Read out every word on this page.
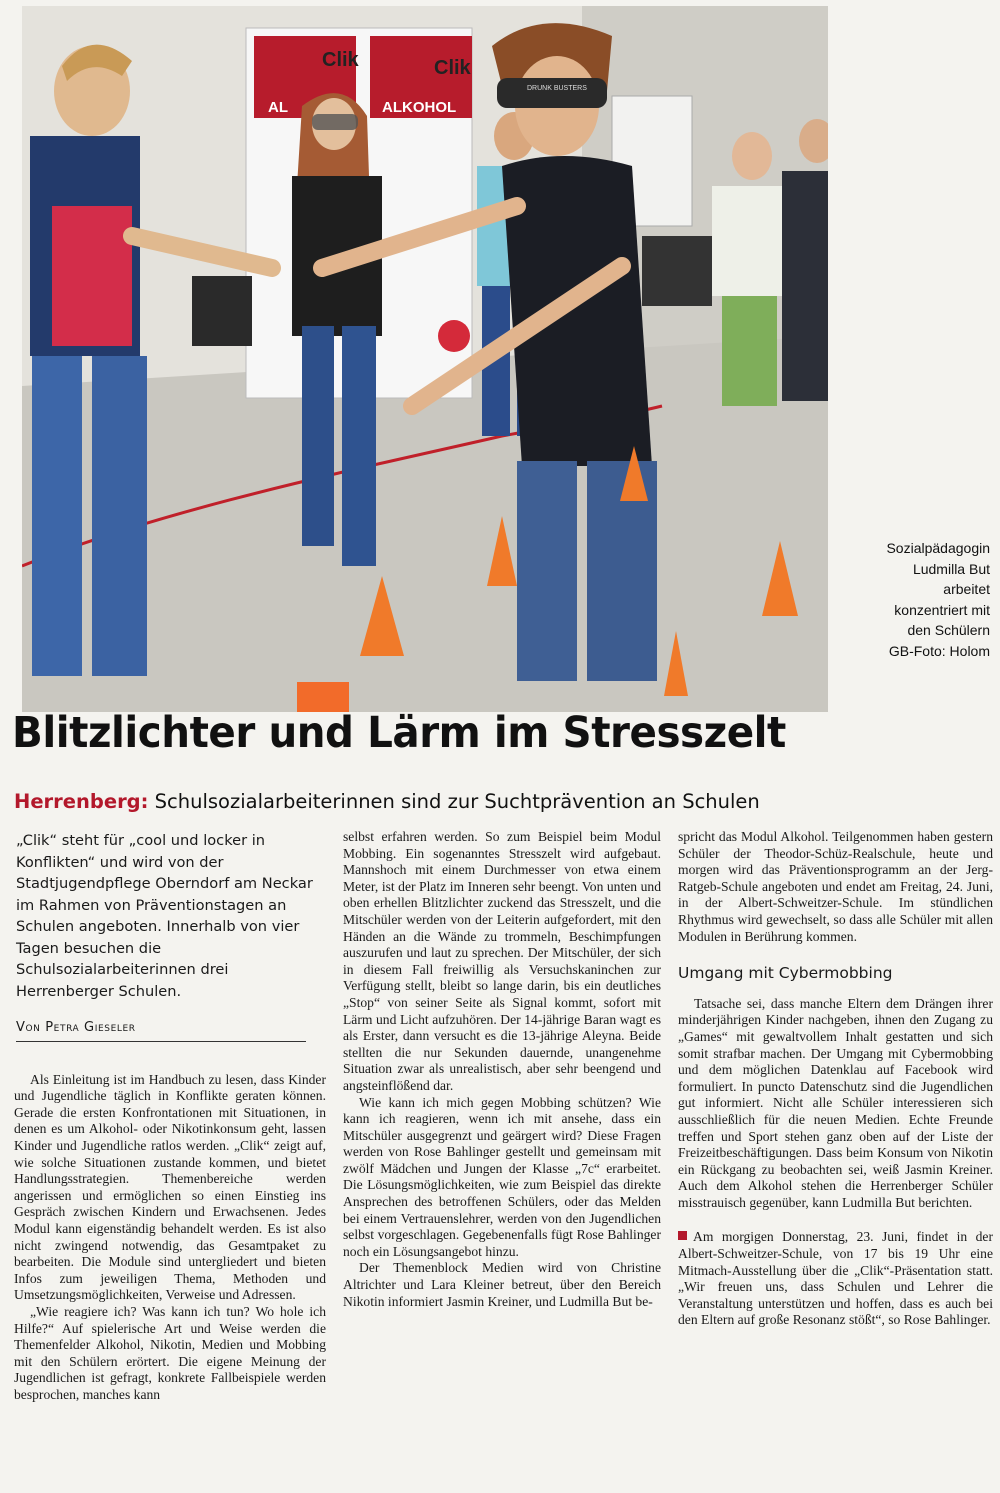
Clik	Clik
AL	ALKOHOL
DRUNK BUSTERS
Sozialpädagogin
Ludmilla But
arbeitet
konzentriert mit
den Schülern
GB-Foto: Holom
Blitzlichter und Lärm im Stresszelt
Herrenberg: Schulsozialarbeiterinnen sind zur Suchtprävention an Schulen

„Clik“ steht für „cool und locker in Konflikten“ und wird von der Stadtjugendpflege Oberndorf am Neckar im Rahmen von Präventionstagen an Schulen angeboten. Innerhalb von vier Tagen besuchen die Schulsozialarbeiterinnen drei Herrenberger Schulen.

Von Petra Gieseler

Als Einleitung ist im Handbuch zu lesen, dass Kinder und Jugendliche täglich in Konflikte geraten können. Gerade die ersten Konfrontationen mit Situationen, in denen es um Alkohol- oder Nikotinkonsum geht, lassen Kinder und Jugendliche ratlos werden. „Clik“ zeigt auf, wie solche Situationen zustande kommen, und bietet Handlungsstrategien. Themenbereiche werden angerissen und ermöglichen so einen Einstieg ins Gespräch zwischen Kindern und Erwachsenen. Jedes Modul kann eigenständig behandelt werden. Es ist also nicht zwingend notwendig, das Gesamtpaket zu bearbeiten. Die Module sind untergliedert und bieten Infos zum jeweiligen Thema, Methoden und Umsetzungsmöglichkeiten, Verweise und Adressen.

„Wie reagiere ich? Was kann ich tun? Wo hole ich Hilfe?“ Auf spielerische Art und Weise werden die Themenfelder Alkohol, Nikotin, Medien und Mobbing mit den Schülern erörtert. Die eigene Meinung der Jugendlichen ist gefragt, konkrete Fallbeispiele werden besprochen, manches kann

selbst erfahren werden. So zum Beispiel beim Modul Mobbing. Ein sogenanntes Stresszelt wird aufgebaut. Mannshoch mit einem Durchmesser von etwa einem Meter, ist der Platz im Inneren sehr beengt. Von unten und oben erhellen Blitzlichter zuckend das Stresszelt, und die Mitschüler werden von der Leiterin aufgefordert, mit den Händen an die Wände zu trommeln, Beschimpfungen auszurufen und laut zu sprechen. Der Mitschüler, der sich in diesem Fall freiwillig als Versuchskaninchen zur Verfügung stellt, bleibt so lange darin, bis ein deutliches „Stop“ von seiner Seite als Signal kommt, sofort mit Lärm und Licht aufzuhören. Der 14-jährige Baran wagt es als Erster, dann versucht es die 13-jährige Aleyna. Beide stellten die nur Sekunden dauernde, unangenehme Situation zwar als unrealistisch, aber sehr beengend und angsteinflößend dar.

Wie kann ich mich gegen Mobbing schützen? Wie kann ich reagieren, wenn ich mit ansehe, dass ein Mitschüler ausgegrenzt und geärgert wird? Diese Fragen werden von Rose Bahlinger gestellt und gemeinsam mit zwölf Mädchen und Jungen der Klasse „7c“ erarbeitet. Die Lösungsmöglichkeiten, wie zum Beispiel das direkte Ansprechen des betroffenen Schülers, oder das Melden bei einem Vertrauenslehrer, werden von den Jugendlichen selbst vorgeschlagen. Gegebenenfalls fügt Rose Bahlinger noch ein Lösungsangebot hinzu.

Der Themenblock Medien wird von Christine Altrichter und Lara Kleiner betreut, über den Bereich Nikotin informiert Jasmin Kreiner, und Ludmilla But be-

spricht das Modul Alkohol. Teilgenommen haben gestern Schüler der Theodor-Schüz-Realschule, heute und morgen wird das Präventionsprogramm an der Jerg-Ratgeb-Schule angeboten und endet am Freitag, 24. Juni, in der Albert-Schweitzer-Schule. Im stündlichen Rhythmus wird gewechselt, so dass alle Schüler mit allen Modulen in Berührung kommen.

Umgang mit Cybermobbing

Tatsache sei, dass manche Eltern dem Drängen ihrer minderjährigen Kinder nachgeben, ihnen den Zugang zu „Games“ mit gewaltvollem Inhalt gestatten und sich somit strafbar machen. Der Umgang mit Cybermobbing und dem möglichen Datenklau auf Facebook wird formuliert. In puncto Datenschutz sind die Jugendlichen gut informiert. Nicht alle Schüler interessieren sich ausschließlich für die neuen Medien. Echte Freunde treffen und Sport stehen ganz oben auf der Liste der Freizeitbeschäftigungen. Dass beim Konsum von Nikotin ein Rückgang zu beobachten sei, weiß Jasmin Kreiner. Auch dem Alkohol stehen die Herrenberger Schüler misstrauisch gegenüber, kann Ludmilla But berichten.

Am morgigen Donnerstag, 23. Juni, findet in der Albert-Schweitzer-Schule, von 17 bis 19 Uhr eine Mitmach-Ausstellung über die „Clik“-Präsentation statt. „Wir freuen uns, dass Schulen und Lehrer die Veranstaltung unterstützen und hoffen, dass es auch bei den Eltern auf große Resonanz stößt“, so Rose Bahlinger.
